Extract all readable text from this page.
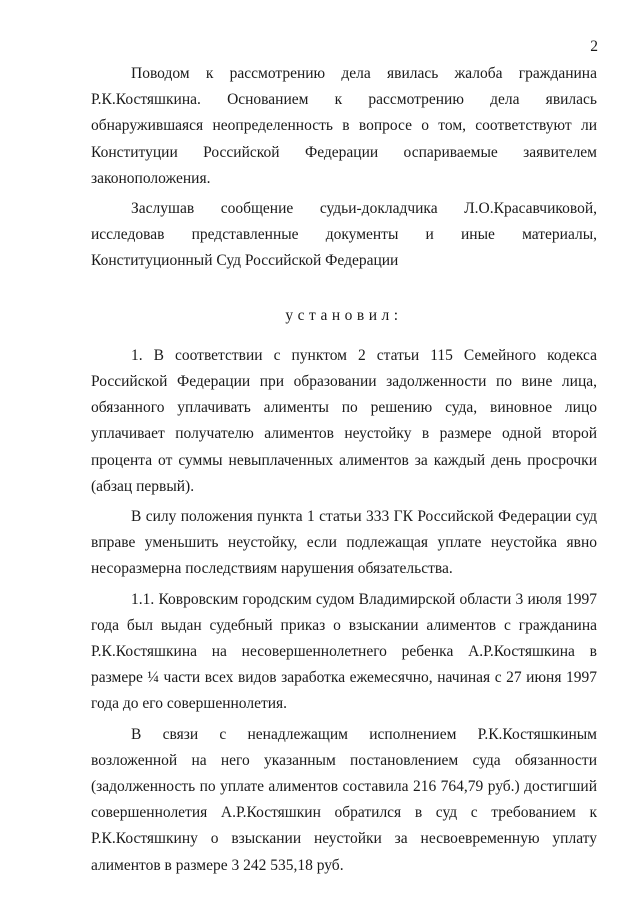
2

Поводом к рассмотрению дела явилась жалоба гражданина Р.К.Костяшкина. Основанием к рассмотрению дела явилась обнаружившаяся неопределенность в вопросе о том, соответствуют ли Конституции Российской Федерации оспариваемые заявителем законоположения.

Заслушав сообщение судьи-докладчика Л.О.Красавчиковой, исследовав представленные документы и иные материалы, Конституционный Суд Российской Федерации

установил:

1. В соответствии с пунктом 2 статьи 115 Семейного кодекса Российской Федерации при образовании задолженности по вине лица, обязанного уплачивать алименты по решению суда, виновное лицо уплачивает получателю алиментов неустойку в размере одной второй процента от суммы невыплаченных алиментов за каждый день просрочки (абзац первый).

В силу положения пункта 1 статьи 333 ГК Российской Федерации суд вправе уменьшить неустойку, если подлежащая уплате неустойка явно несоразмерна последствиям нарушения обязательства.

1.1. Ковровским городским судом Владимирской области 3 июля 1997 года был выдан судебный приказ о взыскании алиментов с гражданина Р.К.Костяшкина на несовершеннолетнего ребенка А.Р.Костяшкина в размере ¼ части всех видов заработка ежемесячно, начиная с 27 июня 1997 года до его совершеннолетия.

В связи с ненадлежащим исполнением Р.К.Костяшкиным возложенной на него указанным постановлением суда обязанности (задолженность по уплате алиментов составила 216 764,79 руб.) достигший совершеннолетия А.Р.Костяшкин обратился в суд с требованием к Р.К.Костяшкину о взыскании неустойки за несвоевременную уплату алиментов в размере 3 242 535,18 руб.
